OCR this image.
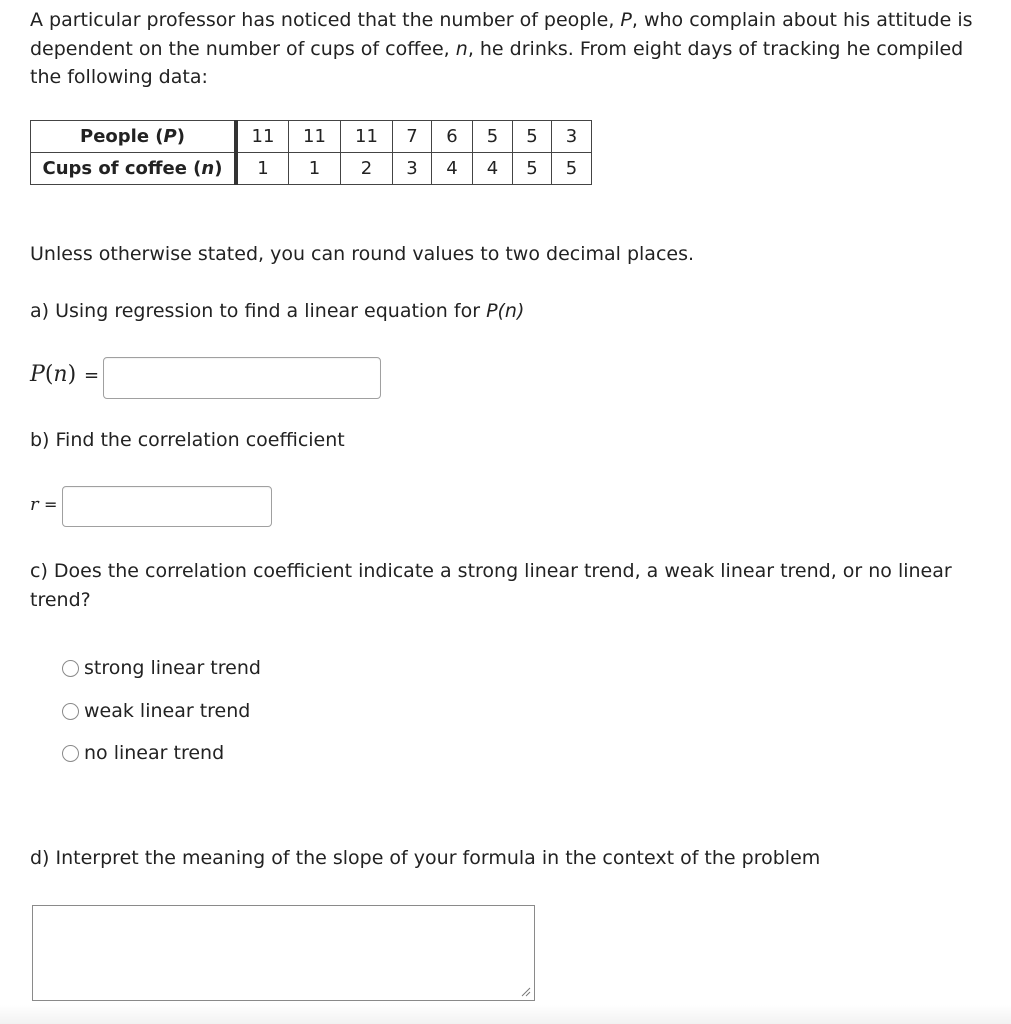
A particular professor has noticed that the number of people, P, who complain about his attitude is dependent on the number of cups of coffee, n, he drinks. From eight days of tracking he compiled the following data:
People (P)	11	11	11	7	6	5	5	3
Cups of coffee (n)	1	1	2	3	4	4	5	5
Unless otherwise stated, you can round values to two decimal places.
a) Using regression to find a linear equation for P(n)
P(n) =
b) Find the correlation coefficient
r =
c) Does the correlation coefficient indicate a strong linear trend, a weak linear trend, or no linear trend?
strong linear trend
weak linear trend
no linear trend
d) Interpret the meaning of the slope of your formula in the context of the problem
